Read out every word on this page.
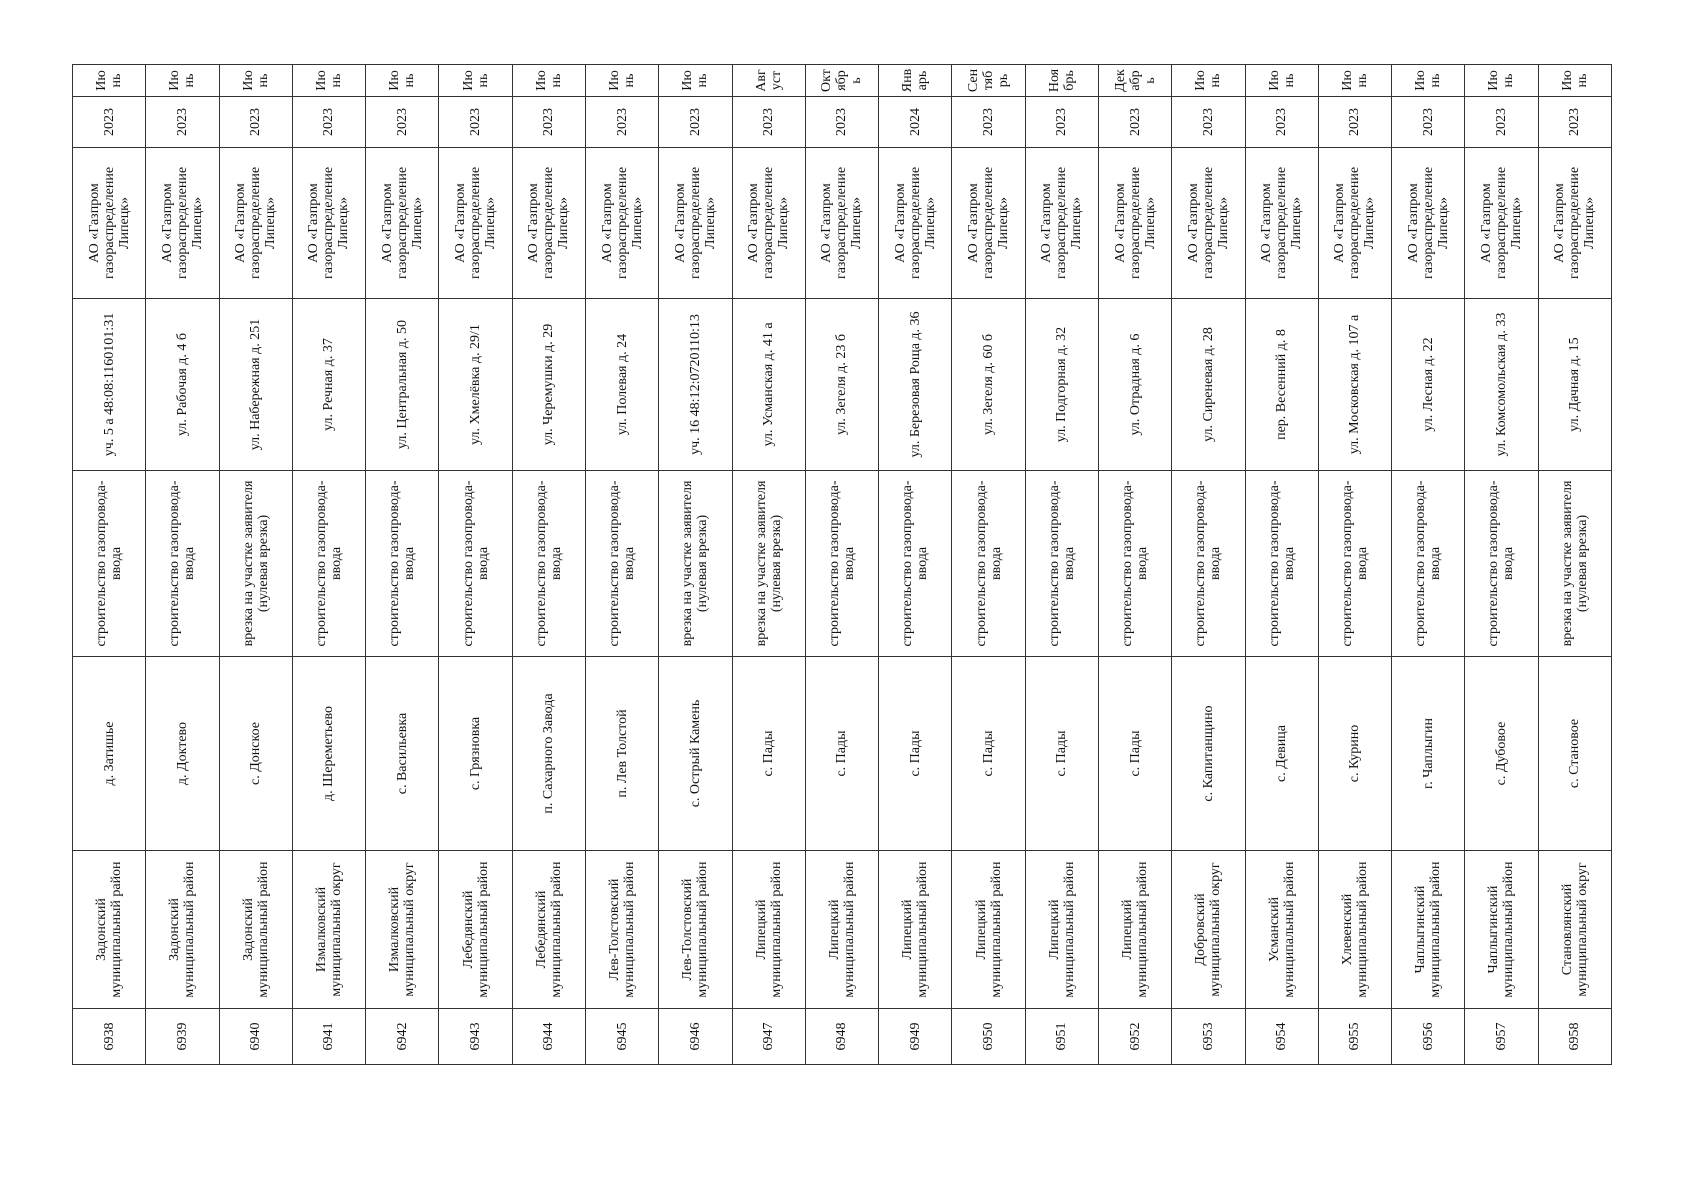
6938	Задонский муниципальный район	д. Затишье	строительство газопровода-ввода	уч. 5 а 48:08:1160101:31	АО «Газпром газораспределение Липецк»	2023	Июнь
6939	Задонский муниципальный район	д. Доктево	строительство газопровода-ввода	ул. Рабочая д. 4 б	АО «Газпром газораспределение Липецк»	2023	Июнь
6940	Задонский муниципальный район	с. Донское	врезка на участке заявителя (нулевая врезка)	ул. Набережная д. 251	АО «Газпром газораспределение Липецк»	2023	Июнь
6941	Измалковский муниципальный округ	д. Шереметьево	строительство газопровода-ввода	ул. Речная д. 37	АО «Газпром газораспределение Липецк»	2023	Июнь
6942	Измалковский муниципальный округ	с. Васильевка	строительство газопровода-ввода	ул. Центральная д. 50	АО «Газпром газораспределение Липецк»	2023	Июнь
6943	Лебедянский муниципальный район	с. Грязновка	строительство газопровода-ввода	ул. Хмелёвка д. 29/1	АО «Газпром газораспределение Липецк»	2023	Июнь
6944	Лебедянский муниципальный район	п. Сахарного Завода	строительство газопровода-ввода	ул. Черемушки д. 29	АО «Газпром газораспределение Липецк»	2023	Июнь
6945	Лев-Толстовский муниципальный район	п. Лев Толстой	строительство газопровода-ввода	ул. Полевая д. 24	АО «Газпром газораспределение Липецк»	2023	Июнь
6946	Лев-Толстовский муниципальный район	с. Острый Камень	врезка на участке заявителя (нулевая врезка)	уч. 16 48:12:0720110:13	АО «Газпром газораспределение Липецк»	2023	Июнь
6947	Липецкий муниципальный район	с. Пады	врезка на участке заявителя (нулевая врезка)	ул. Усманская д. 41 а	АО «Газпром газораспределение Липецк»	2023	Август
6948	Липецкий муниципальный район	с. Пады	строительство газопровода-ввода	ул. Зегеля д. 23 б	АО «Газпром газораспределение Липецк»	2023	Октябрь
6949	Липецкий муниципальный район	с. Пады	строительство газопровода-ввода	ул. Березовая Роща д. 36	АО «Газпром газораспределение Липецк»	2024	Январь
6950	Липецкий муниципальный район	с. Пады	строительство газопровода-ввода	ул. Зегеля д. 60 б	АО «Газпром газораспределение Липецк»	2023	Сентябрь
6951	Липецкий муниципальный район	с. Пады	строительство газопровода-ввода	ул. Подгорная д. 32	АО «Газпром газораспределение Липецк»	2023	Ноябрь
6952	Липецкий муниципальный район	с. Пады	строительство газопровода-ввода	ул. Отрадная д. 6	АО «Газпром газораспределение Липецк»	2023	Декабрь
6953	Добровский муниципальный округ	с. Капитанщино	строительство газопровода-ввода	ул. Сиреневая д. 28	АО «Газпром газораспределение Липецк»	2023	Июнь
6954	Усманский муниципальный район	с. Девица	строительство газопровода-ввода	пер. Весенний д. 8	АО «Газпром газораспределение Липецк»	2023	Июнь
6955	Хлевенский муниципальный район	с. Курино	строительство газопровода-ввода	ул. Московская д. 107 а	АО «Газпром газораспределение Липецк»	2023	Июнь
6956	Чаплыгинский муниципальный район	г. Чаплыгин	строительство газопровода-ввода	ул. Лесная д. 22	АО «Газпром газораспределение Липецк»	2023	Июнь
6957	Чаплыгинский муниципальный район	с. Дубовое	строительство газопровода-ввода	ул. Комсомольская д. 33	АО «Газпром газораспределение Липецк»	2023	Июнь
6958	Становлянский муниципальный округ	с. Становое	врезка на участке заявителя (нулевая врезка)	ул. Дачная д. 15	АО «Газпром газораспределение Липецк»	2023	Июнь
